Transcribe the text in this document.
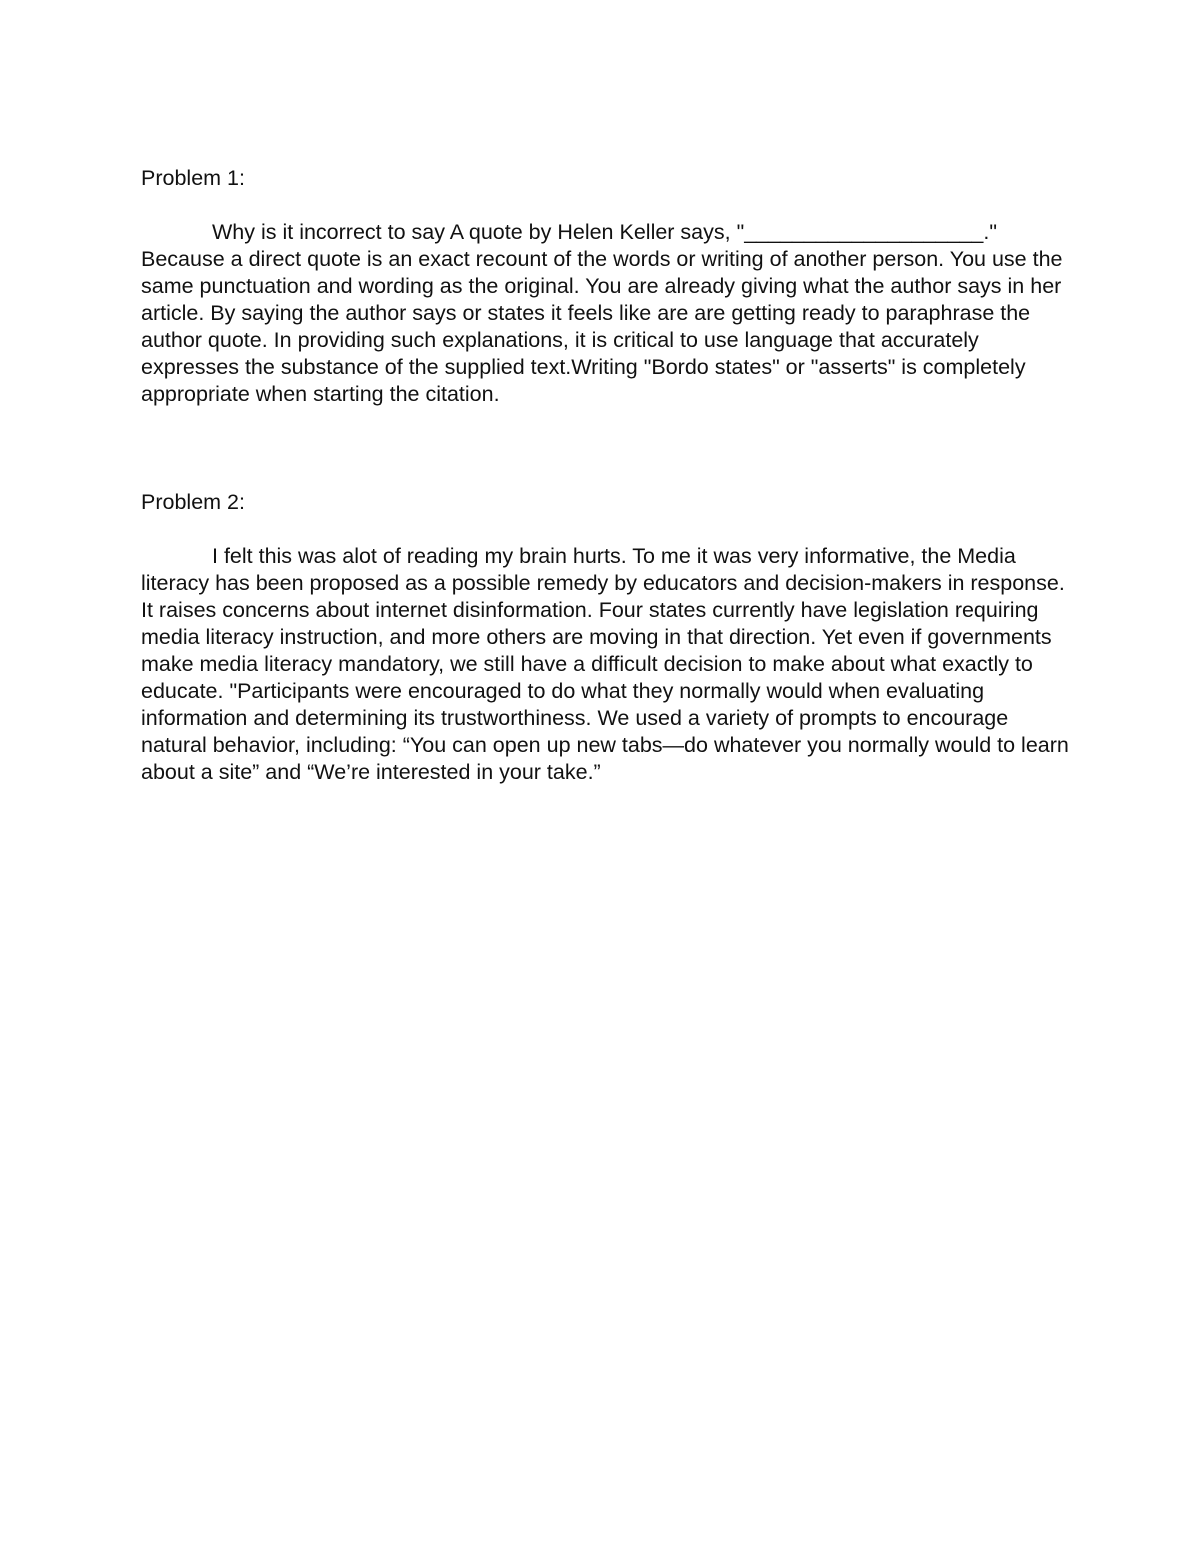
Problem 1:

Why is it incorrect to say A quote by Helen Keller says, "____________________." Because a direct quote is an exact recount of the words or writing of another person. You use the same punctuation and wording as the original. You are already giving what the author says in her article. By saying the author says or states it feels like are are getting ready to paraphrase the author quote. In providing such explanations, it is critical to use language that accurately expresses the substance of the supplied text.Writing "Bordo states" or "asserts" is completely appropriate when starting the citation.

Problem 2:

I felt this was alot of reading my brain hurts. To me it was very informative, the Media literacy has been proposed as a possible remedy by educators and decision-makers in response. It raises concerns about internet disinformation. Four states currently have legislation requiring media literacy instruction, and more others are moving in that direction. Yet even if governments make media literacy mandatory, we still have a difficult decision to make about what exactly to educate. "Participants were encouraged to do what they normally would when evaluating information and determining its trustworthiness. We used a variety of prompts to encourage natural behavior, including: “You can open up new tabs—do whatever you normally would to learn about a site” and “We’re interested in your take.”
